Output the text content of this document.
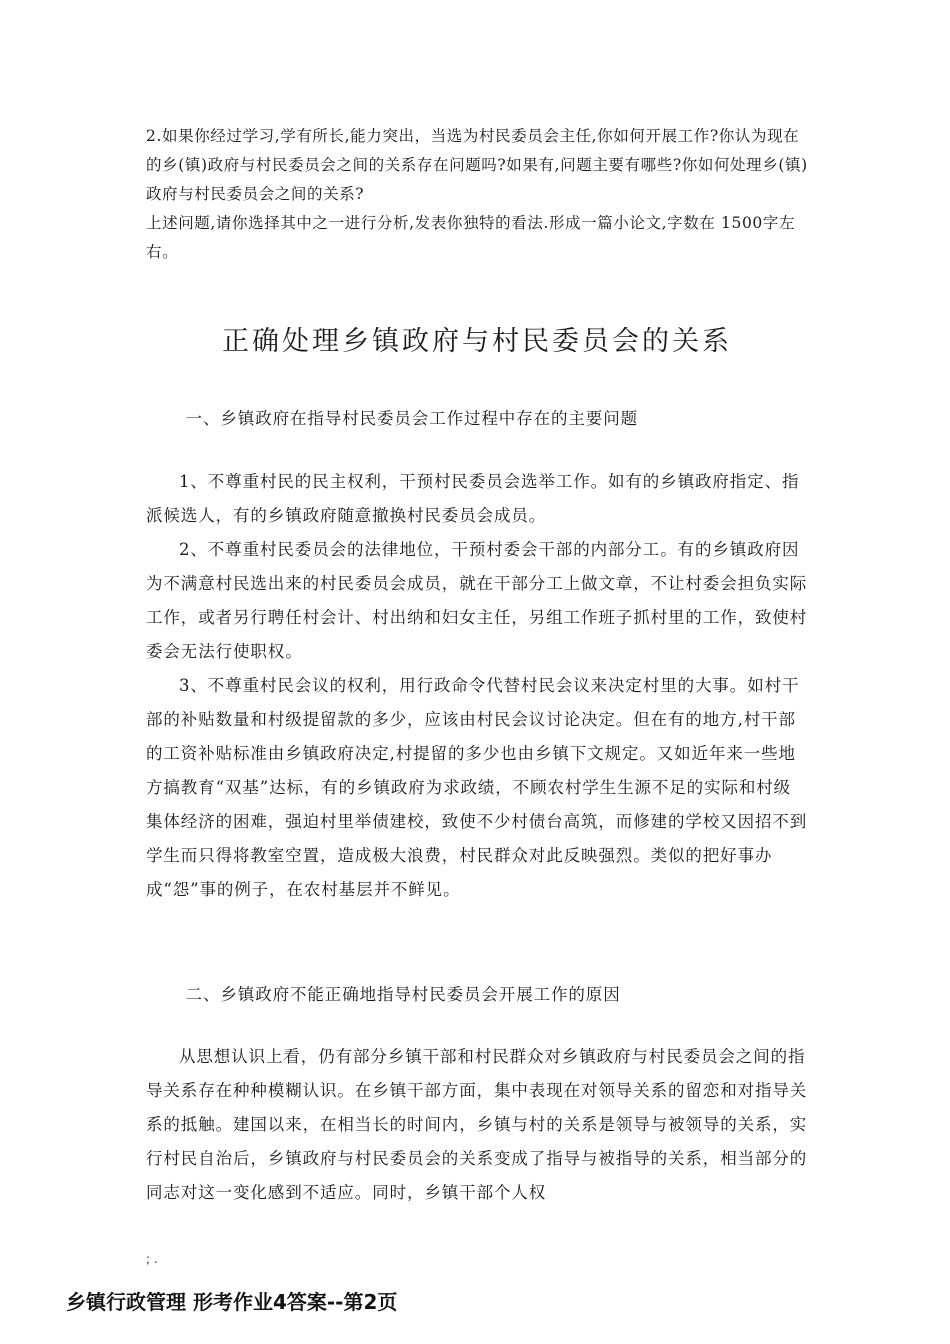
2.如果你经过学习,学有所长,能力突出，当选为村民委员会主任,你如何开展工作?你认为现在的乡(镇)政府与村民委员会之间的关系存在问题吗?如果有,问题主要有哪些?你如何处理乡(镇)政府与村民委员会之间的关系?

上述问题,请你选择其中之一进行分析,发表你独特的看法.形成一篇小论文,字数在 1500字左右。

正确处理乡镇政府与村民委员会的关系

一、乡镇政府在指导村民委员会工作过程中存在的主要问题

1、不尊重村民的民主权利，干预村民委员会选举工作。如有的乡镇政府指定、指派候选人，有的乡镇政府随意撤换村民委员会成员。

2、不尊重村民委员会的法律地位，干预村委会干部的内部分工。有的乡镇政府因为不满意村民选出来的村民委员会成员，就在干部分工上做文章，不让村委会担负实际工作，或者另行聘任村会计、村出纳和妇女主任，另组工作班子抓村里的工作，致使村委会无法行使职权。

3、不尊重村民会议的权利，用行政命令代替村民会议来决定村里的大事。如村干部的补贴数量和村级提留款的多少，应该由村民会议讨论决定。但在有的地方,村干部的工资补贴标准由乡镇政府决定,村提留的多少也由乡镇下文规定。又如近年来一些地方搞教育“双基”达标，有的乡镇政府为求政绩，不顾农村学生生源不足的实际和村级集体经济的困难，强迫村里举债建校，致使不少村债台高筑，而修建的学校又因招不到学生而只得将教室空置，造成极大浪费，村民群众对此反映强烈。类似的把好事办成“怨”事的例子，在农村基层并不鲜见。

二、乡镇政府不能正确地指导村民委员会开展工作的原因

从思想认识上看，仍有部分乡镇干部和村民群众对乡镇政府与村民委员会之间的指导关系存在种种模糊认识。在乡镇干部方面，集中表现在对领导关系的留恋和对指导关系的抵触。建国以来，在相当长的时间内，乡镇与村的关系是领导与被领导的关系，实行村民自治后，乡镇政府与村民委员会的关系变成了指导与被指导的关系，相当部分的同志对这一变化感到不适应。同时，乡镇干部个人权

; .
乡镇行政管理 形考作业4答案--第2页
